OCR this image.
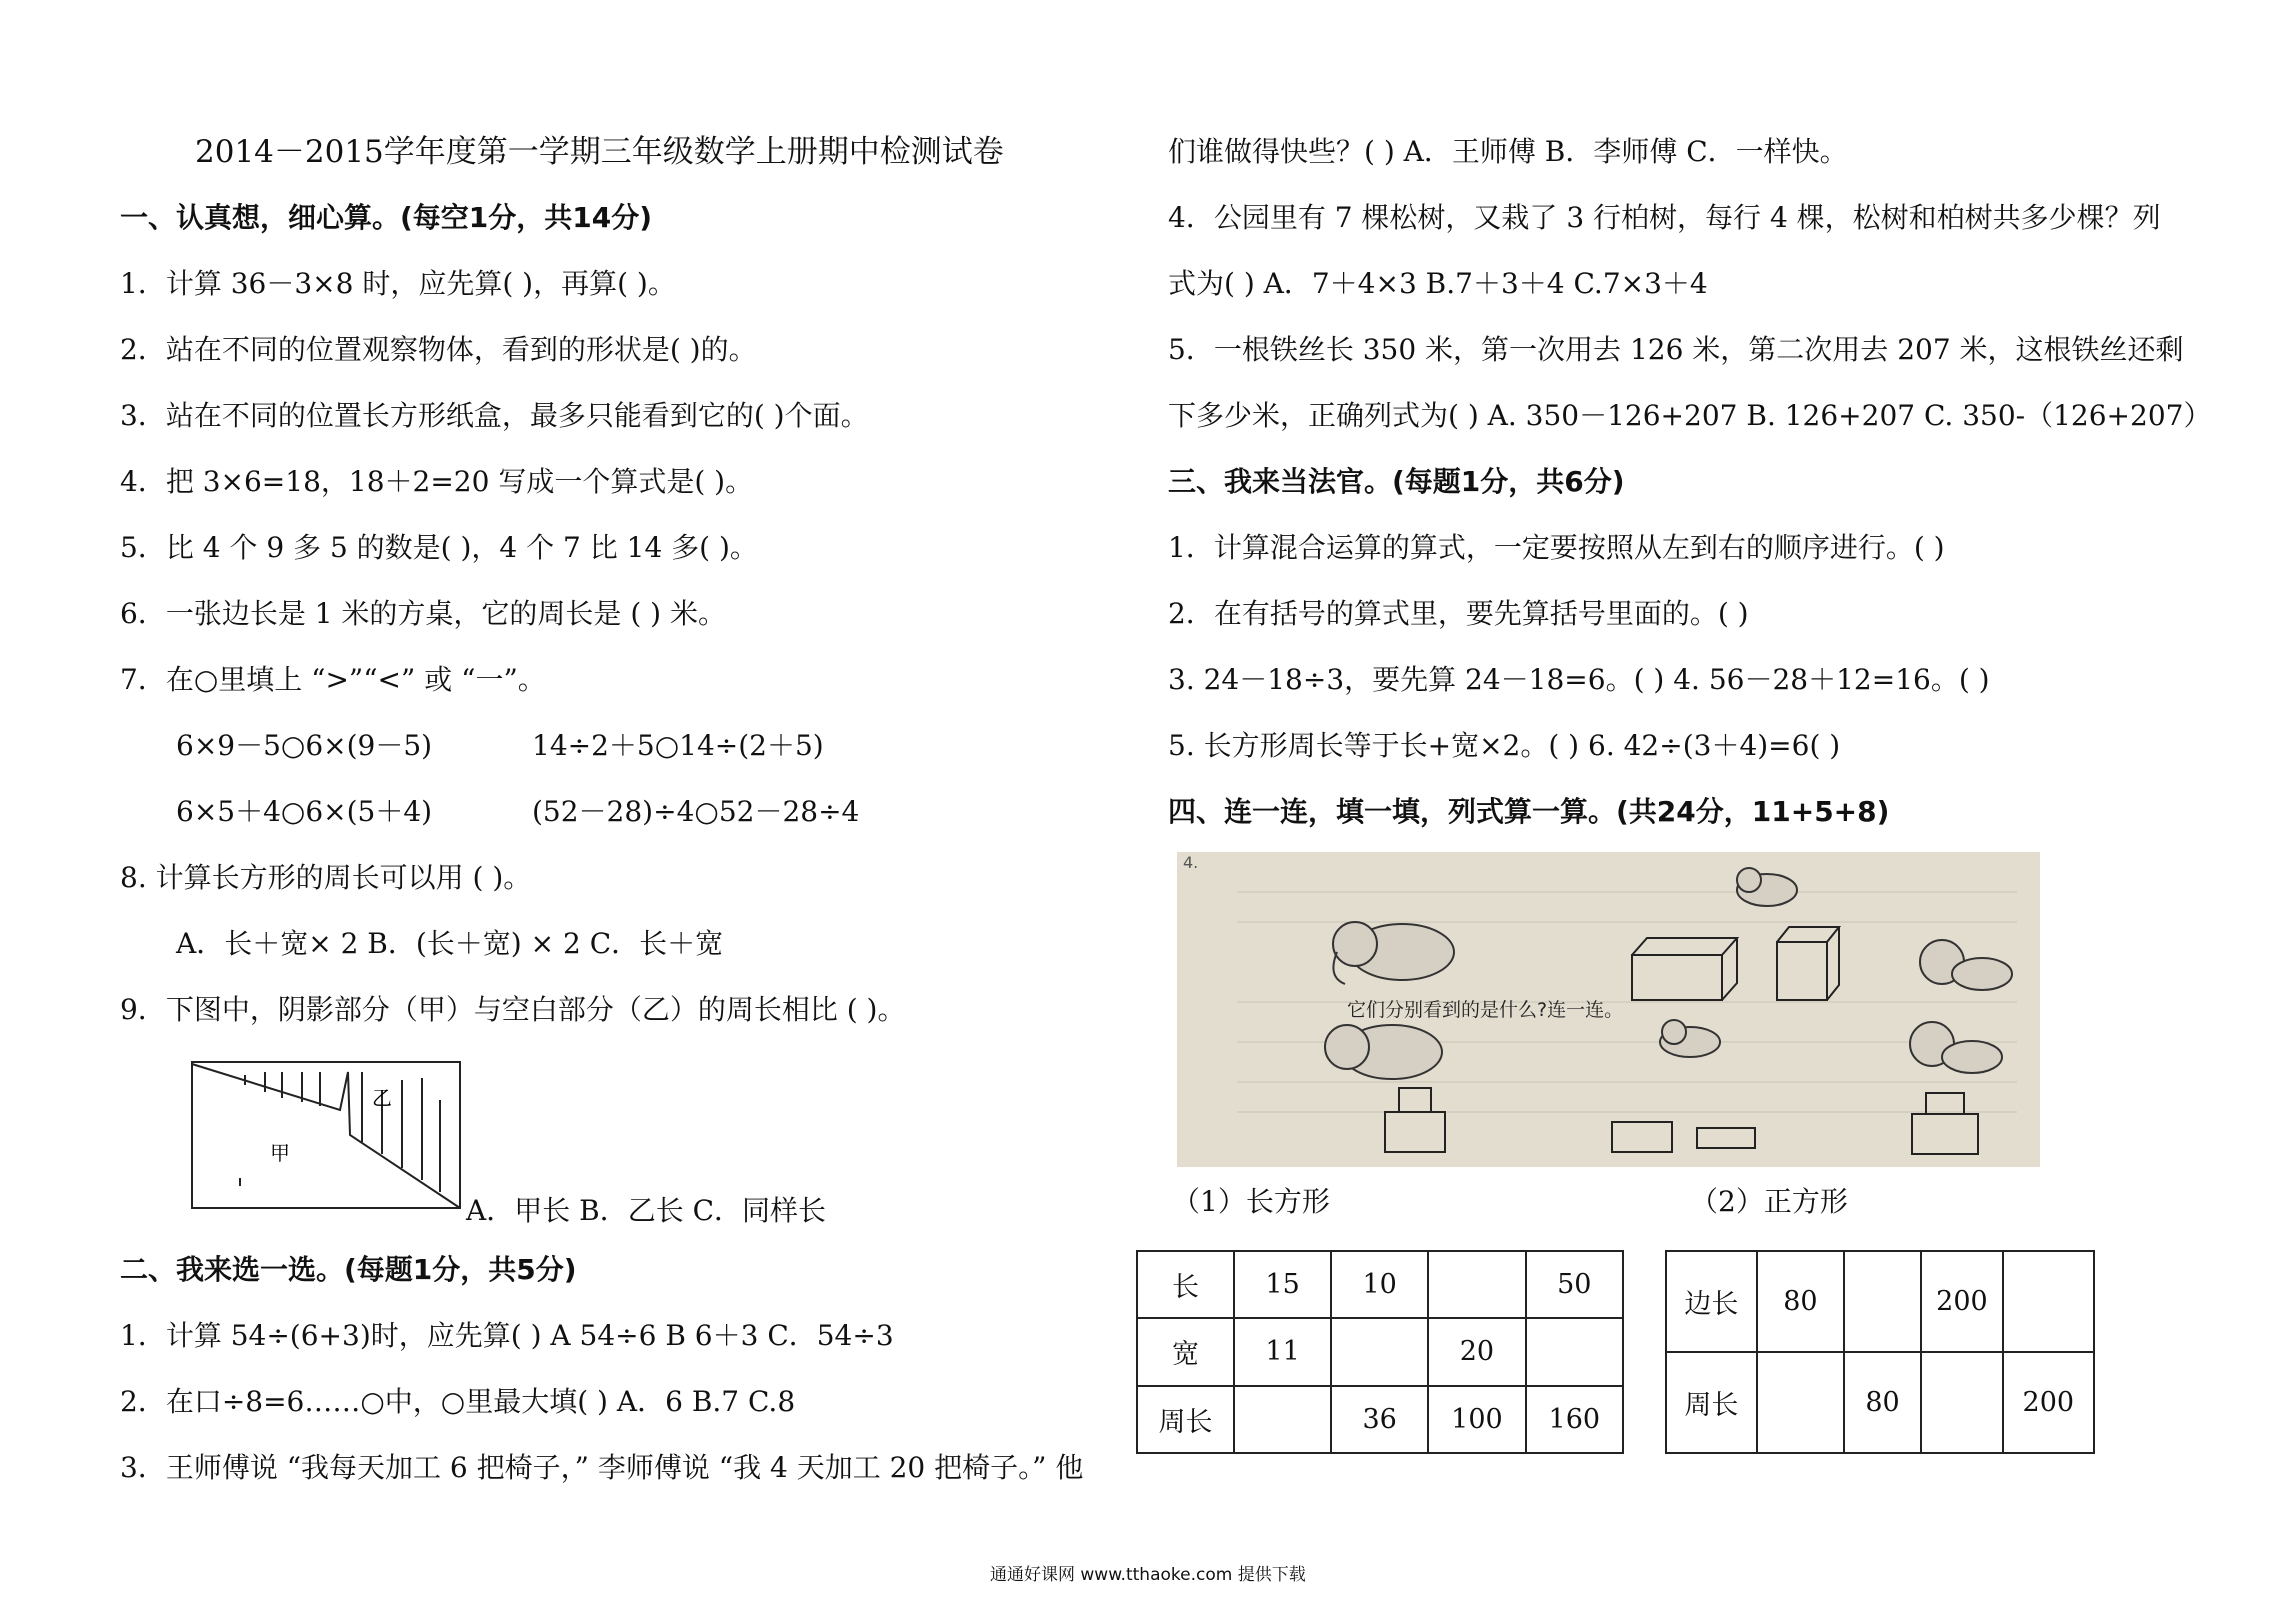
2014－2015学年度第一学期三年级数学上册期中检测试卷
一、认真想，细心算。(每空1分，共14分)
1．计算 36－3×8 时，应先算( )，再算( )。
2．站在不同的位置观察物体，看到的形状是( )的。
3．站在不同的位置长方形纸盒，最多只能看到它的( )个面。
4．把 3×6=18，18＋2=20 写成一个算式是( )。
5．比 4 个 9 多 5 的数是( )，4 个 7 比 14 多( )。
6．一张边长是 1 米的方桌，它的周长是 ( ) 米。
7．在○里填上 “>”“<” 或 “一”。
6×9－5○6×(9－5)	14÷2＋5○14÷(2＋5)
6×5＋4○6×(5＋4)	(52－28)÷4○52－28÷4
8. 计算长方形的周长可以用 ( )。
A．长＋宽× 2 B．(长＋宽) × 2 C．长＋宽
9．下图中，阴影部分（甲）与空白部分（乙）的周长相比 ( )。
甲
乙
A．甲长 B．乙长 C．同样长
二、我来选一选。(每题1分，共5分)
1．计算 54÷(6+3)时，应先算( ) A 54÷6 B 6＋3 C．54÷3
2．在口÷8=6……○中，○里最大填( ) A．6 B.7 C.8
3．王师傅说 “我每天加工 6 把椅子，” 李师傅说 “我 4 天加工 20 把椅子。” 他
们谁做得快些？( ) A．王师傅 B．李师傅 C．一样快。
4．公园里有 7 棵松树，又栽了 3 行柏树，每行 4 棵，松树和柏树共多少棵？列
式为( ) A．7＋4×3 B.7＋3＋4 C.7×3＋4
5．一根铁丝长 350 米，第一次用去 126 米，第二次用去 207 米，这根铁丝还剩
下多少米，正确列式为( ) A. 350－126+207 B. 126+207 C. 350-（126+207）
三、我来当法官。(每题1分，共6分)
1．计算混合运算的算式，一定要按照从左到右的顺序进行。( )
2．在有括号的算式里，要先算括号里面的。( )
3. 24－18÷3，要先算 24－18=6。( ) 4. 56－28＋12=16。( )
5. 长方形周长等于长+宽×2。( ) 6. 42÷(3＋4)=6( )
四、连一连，填一填，列式算一算。(共24分，11+5+8)
4.
它们分别看到的是什么?连一连。
（1）长方形	（2）正方形
长	15	10		50
宽	11		20	
周长		36	100	160
边长	80		200	
周长		80		200
通通好课网 www.tthaoke.com 提供下载
